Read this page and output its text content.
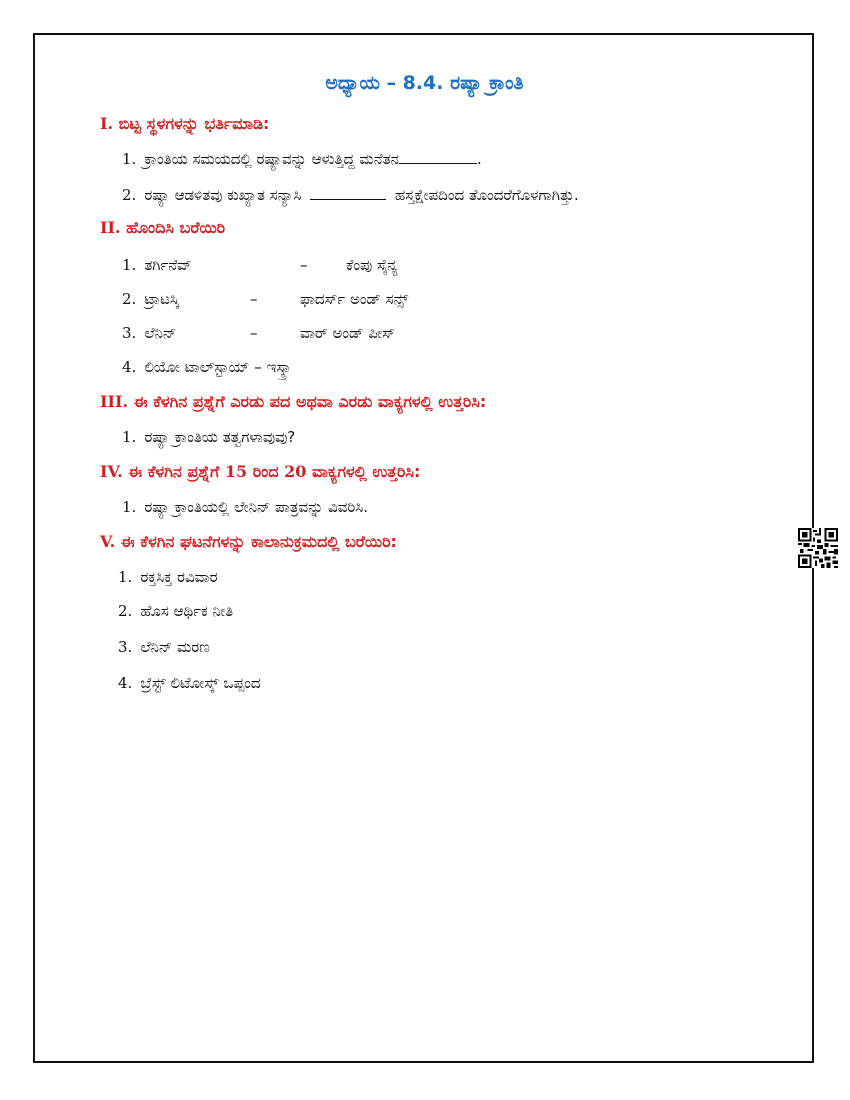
ಅಧ್ಯಾಯ – 8.4. ರಷ್ಯಾ ಕ್ರಾಂತಿ
I. ಬಿಟ್ಟ ಸ್ಥಳಗಳನ್ನು ಭರ್ತಿಮಾಡಿ:
1. ಕ್ರಾಂತಿಯ ಸಮಯದಲ್ಲಿ ರಷ್ಯಾವನ್ನು ಆಳುತ್ತಿದ್ದ ಮನೆತನ	.
2. ರಷ್ಯಾ ಆಡಳಿತವು ಕುಖ್ಯಾತ ಸನ್ಯಾಸಿ	ಹಸ್ತಕ್ಷೇಪದಿಂದ ತೊಂದರೆಗೊಳಗಾಗಿತ್ತು.
II. ಹೊಂದಿಸಿ ಬರೆಯಿರಿ
1. ತರ್ಗಿನೆವ್	–	ಕೆಂಪು ಸೈನ್ಯ
2. ಟ್ರಾಟಸ್ಕಿ	–	ಫಾದರ್ಸ್ ಅಂಡ್ ಸನ್ಸ್
3. ಲೆನಿನ್	–	ವಾರ್ ಅಂಡ್ ಪೀಸ್
4. ಲಿಯೋ ಟಾಲ್‌ಸ್ಟಾಯ್ – ಇಸ್ಕ್ರಾ
III. ಈ ಕೆಳಗಿನ ಪ್ರಶ್ನೆಗೆ ಎರಡು ಪದ ಅಥವಾ ಎರಡು ವಾಕ್ಯಗಳಲ್ಲಿ ಉತ್ತರಿಸಿ:
1. ರಷ್ಯಾ ಕ್ರಾಂತಿಯ ತತ್ವಗಳಾವುವು?
IV. ಈ ಕೆಳಗಿನ ಪ್ರಶ್ನೆಗೆ 15 ರಿಂದ 20 ವಾಕ್ಯಗಳಲ್ಲಿ ಉತ್ತರಿಸಿ:
1. ರಷ್ಯಾ ಕ್ರಾಂತಿಯಲ್ಲಿ ಲೇನಿನ್ ಪಾತ್ರವನ್ನು ವಿವರಿಸಿ.
V. ಈ ಕೆಳಗಿನ ಘಟನೆಗಳನ್ನು ಕಾಲಾನುಕ್ರಮದಲ್ಲಿ ಬರೆಯಿರಿ:
1. ರಕ್ತಸಿಕ್ತ ರವಿವಾರ
2. ಹೊಸ ಆರ್ಥಿಕ ನೀತಿ
3. ಲೆನಿನ್ ಮರಣ
4. ಬ್ರೆಸ್ಟ್ ಲಿಟೋಸ್ಕ್ ಒಪ್ಪಂದ
